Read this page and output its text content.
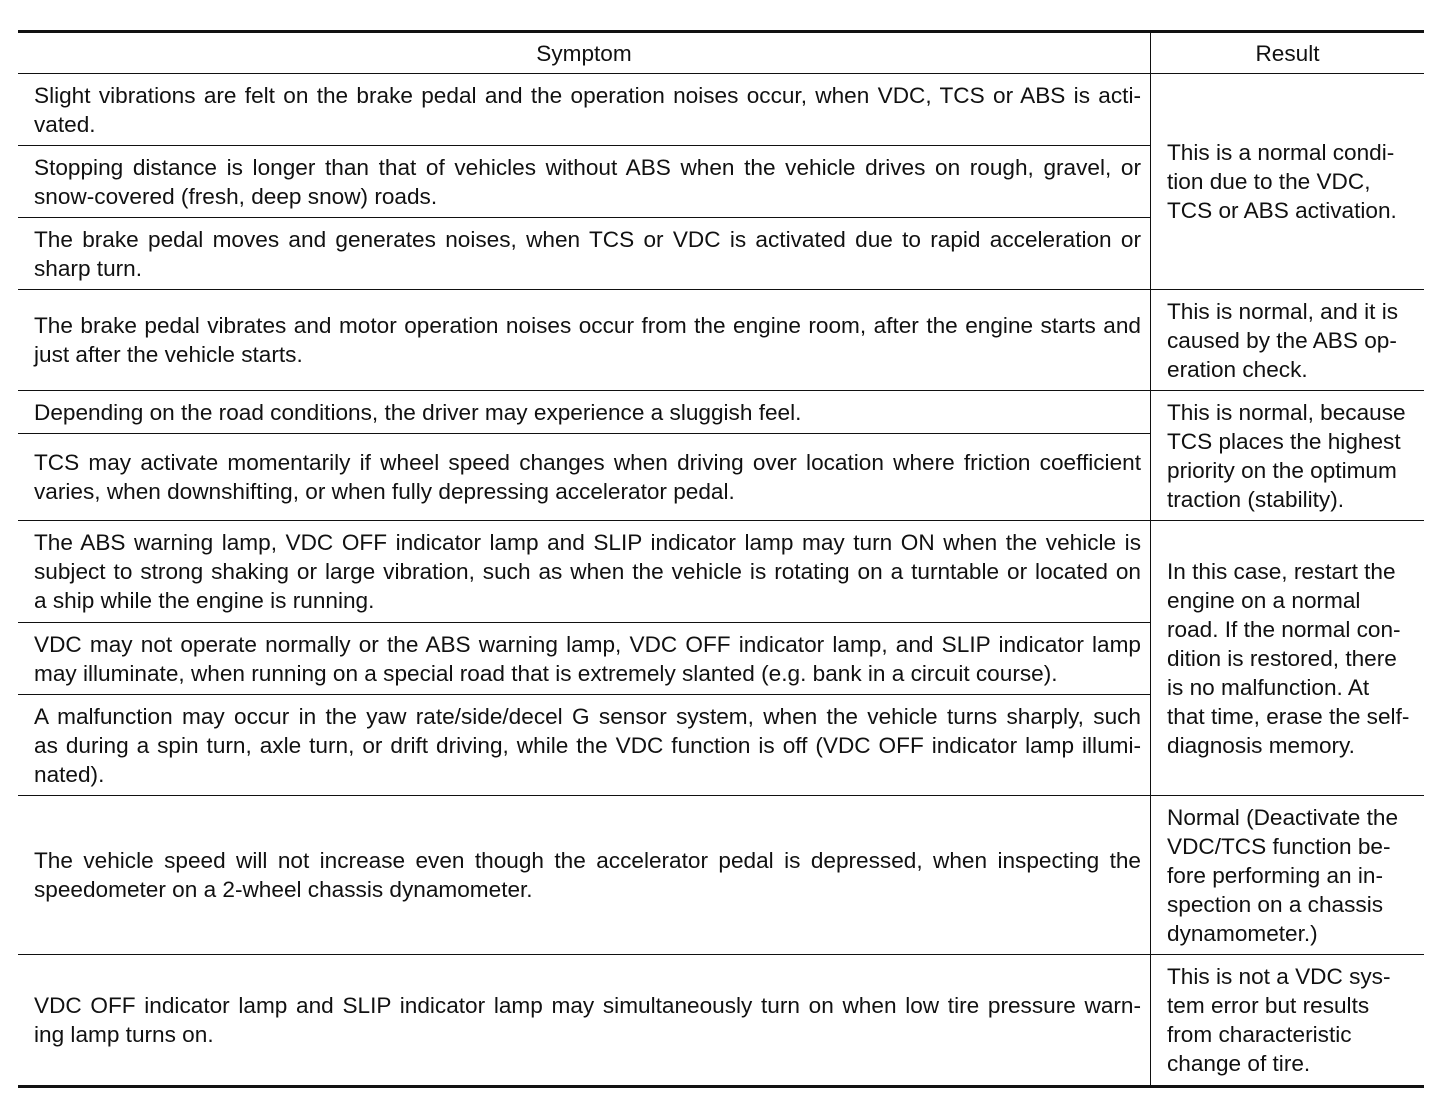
Symptom	Result
Slight vibrations are felt on the brake pedal and the operation noises occur, when VDC, TCS or ABS is acti-
vated.
Stopping distance is longer than that of vehicles without ABS when the vehicle drives on rough, gravel, or
snow-covered (fresh, deep snow) roads.
The brake pedal moves and generates noises, when TCS or VDC is activated due to rapid acceleration or
sharp turn.
This is a normal condi-
tion due to the VDC,
TCS or ABS activation.
The brake pedal vibrates and motor operation noises occur from the engine room, after the engine starts and
just after the vehicle starts.
This is normal, and it is
caused by the ABS op-
eration check.
Depending on the road conditions, the driver may experience a sluggish feel.
TCS may activate momentarily if wheel speed changes when driving over location where friction coefficient
varies, when downshifting, or when fully depressing accelerator pedal.
This is normal, because
TCS places the highest
priority on the optimum
traction (stability).
The ABS warning lamp, VDC OFF indicator lamp and SLIP indicator lamp may turn ON when the vehicle is
subject to strong shaking or large vibration, such as when the vehicle is rotating on a turntable or located on
a ship while the engine is running.
VDC may not operate normally or the ABS warning lamp, VDC OFF indicator lamp, and SLIP indicator lamp
may illuminate, when running on a special road that is extremely slanted (e.g. bank in a circuit course).
A malfunction may occur in the yaw rate/side/decel G sensor system, when the vehicle turns sharply, such
as during a spin turn, axle turn, or drift driving, while the VDC function is off (VDC OFF indicator lamp illumi-
nated).
In this case, restart the
engine on a normal
road. If the normal con-
dition is restored, there
is no malfunction. At
that time, erase the self-
diagnosis memory.
The vehicle speed will not increase even though the accelerator pedal is depressed, when inspecting the
speedometer on a 2-wheel chassis dynamometer.
Normal (Deactivate the
VDC/TCS function be-
fore performing an in-
spection on a chassis
dynamometer.)
VDC OFF indicator lamp and SLIP indicator lamp may simultaneously turn on when low tire pressure warn-
ing lamp turns on.
This is not a VDC sys-
tem error but results
from characteristic
change of tire.
